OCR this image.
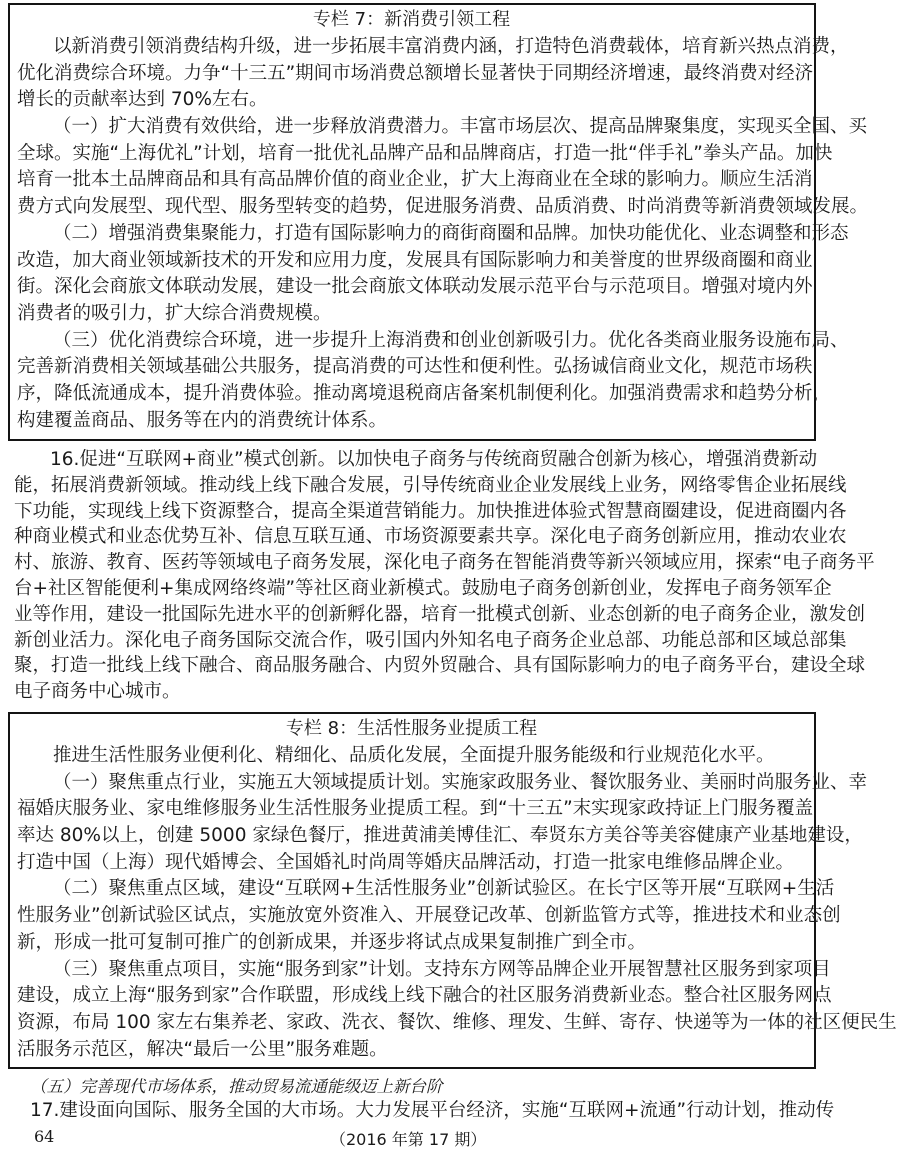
专栏 7：新消费引领工程
以新消费引领消费结构升级，进一步拓展丰富消费内涵，打造特色消费载体，培育新兴热点消费，
优化消费综合环境。力争“十三五”期间市场消费总额增长显著快于同期经济增速，最终消费对经济
增长的贡献率达到 70%左右。
（一）扩大消费有效供给，进一步释放消费潜力。丰富市场层次、提高品牌聚集度，实现买全国、买
全球。实施“上海优礼”计划，培育一批优礼品牌产品和品牌商店，打造一批“伴手礼”拳头产品。加快
培育一批本土品牌商品和具有高品牌价值的商业企业，扩大上海商业在全球的影响力。顺应生活消
费方式向发展型、现代型、服务型转变的趋势，促进服务消费、品质消费、时尚消费等新消费领域发展。
（二）增强消费集聚能力，打造有国际影响力的商街商圈和品牌。加快功能优化、业态调整和形态
改造，加大商业领域新技术的开发和应用力度，发展具有国际影响力和美誉度的世界级商圈和商业
街。深化会商旅文体联动发展，建设一批会商旅文体联动发展示范平台与示范项目。增强对境内外
消费者的吸引力，扩大综合消费规模。
（三）优化消费综合环境，进一步提升上海消费和创业创新吸引力。优化各类商业服务设施布局、
完善新消费相关领域基础公共服务，提高消费的可达性和便利性。弘扬诚信商业文化，规范市场秩
序，降低流通成本，提升消费体验。推动离境退税商店备案机制便利化。加强消费需求和趋势分析，
构建覆盖商品、服务等在内的消费统计体系。
16.促进“互联网+商业”模式创新。以加快电子商务与传统商贸融合创新为核心，增强消费新动
能，拓展消费新领域。推动线上线下融合发展，引导传统商业企业发展线上业务，网络零售企业拓展线
下功能，实现线上线下资源整合，提高全渠道营销能力。加快推进体验式智慧商圈建设，促进商圈内各
种商业模式和业态优势互补、信息互联互通、市场资源要素共享。深化电子商务创新应用，推动农业农
村、旅游、教育、医药等领域电子商务发展，深化电子商务在智能消费等新兴领域应用，探索“电子商务平
台+社区智能便利+集成网络终端”等社区商业新模式。鼓励电子商务创新创业，发挥电子商务领军企
业等作用，建设一批国际先进水平的创新孵化器，培育一批模式创新、业态创新的电子商务企业，激发创
新创业活力。深化电子商务国际交流合作，吸引国内外知名电子商务企业总部、功能总部和区域总部集
聚，打造一批线上线下融合、商品服务融合、内贸外贸融合、具有国际影响力的电子商务平台，建设全球
电子商务中心城市。
专栏 8：生活性服务业提质工程
推进生活性服务业便利化、精细化、品质化发展，全面提升服务能级和行业规范化水平。
（一）聚焦重点行业，实施五大领域提质计划。实施家政服务业、餐饮服务业、美丽时尚服务业、幸
福婚庆服务业、家电维修服务业生活性服务业提质工程。到“十三五”末实现家政持证上门服务覆盖
率达 80%以上，创建 5000 家绿色餐厅，推进黄浦美博佳汇、奉贤东方美谷等美容健康产业基地建设，
打造中国（上海）现代婚博会、全国婚礼时尚周等婚庆品牌活动，打造一批家电维修品牌企业。
（二）聚焦重点区域，建设“互联网+生活性服务业”创新试验区。在长宁区等开展“互联网+生活
性服务业”创新试验区试点，实施放宽外资准入、开展登记改革、创新监管方式等，推进技术和业态创
新，形成一批可复制可推广的创新成果，并逐步将试点成果复制推广到全市。
（三）聚焦重点项目，实施“服务到家”计划。支持东方网等品牌企业开展智慧社区服务到家项目
建设，成立上海“服务到家”合作联盟，形成线上线下融合的社区服务消费新业态。整合社区服务网点
资源，布局 100 家左右集养老、家政、洗衣、餐饮、维修、理发、生鲜、寄存、快递等为一体的社区便民生
活服务示范区，解决“最后一公里”服务难题。
（五）完善现代市场体系，推动贸易流通能级迈上新台阶
17.建设面向国际、服务全国的大市场。大力发展平台经济，实施“互联网+流通”行动计划，推动传
64	（2016 年第 17 期）
